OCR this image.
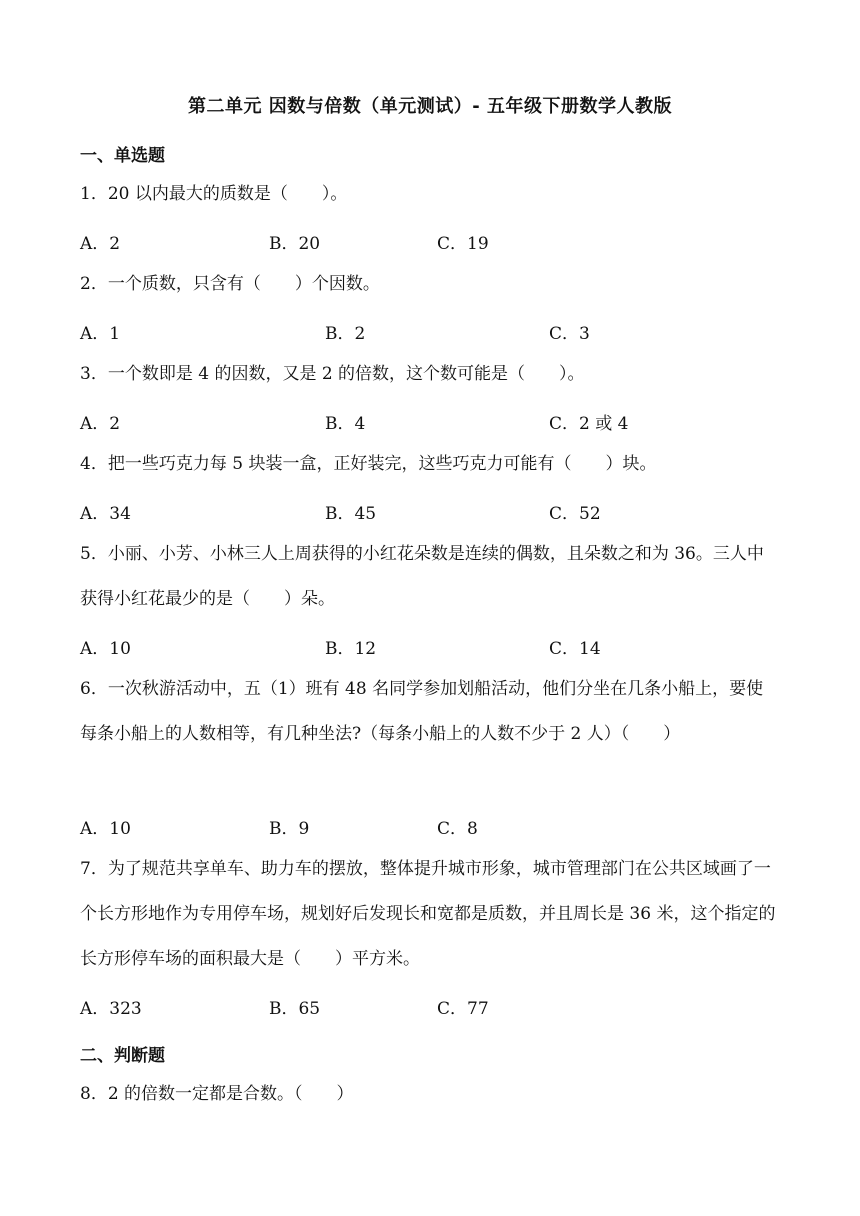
第二单元 因数与倍数（单元测试）- 五年级下册数学人教版
一、单选题
1．20 以内最大的质数是（　　）。
A．2	B．20	C．19
2．一个质数，只含有（　　）个因数。
A．1	B．2	C．3
3．一个数即是 4 的因数，又是 2 的倍数，这个数可能是（　　）。
A．2	B．4	C．2 或 4
4．把一些巧克力每 5 块装一盒，正好装完，这些巧克力可能有（　　）块。
A．34	B．45	C．52
5．小丽、小芳、小林三人上周获得的小红花朵数是连续的偶数，且朵数之和为 36。三人中获得小红花最少的是（　　）朵。
A．10	B．12	C．14
6．一次秋游活动中，五（1）班有 48 名同学参加划船活动，他们分坐在几条小船上，要使每条小船上的人数相等，有几种坐法?（每条小船上的人数不少于 2 人）（　　）
A．10	B．9	C．8
7．为了规范共享单车、助力车的摆放，整体提升城市形象，城市管理部门在公共区域画了一个长方形地作为专用停车场，规划好后发现长和宽都是质数，并且周长是 36 米，这个指定的长方形停车场的面积最大是（　　）平方米。
A．323	B．65	C．77
二、判断题
8．2 的倍数一定都是合数。（　　）
